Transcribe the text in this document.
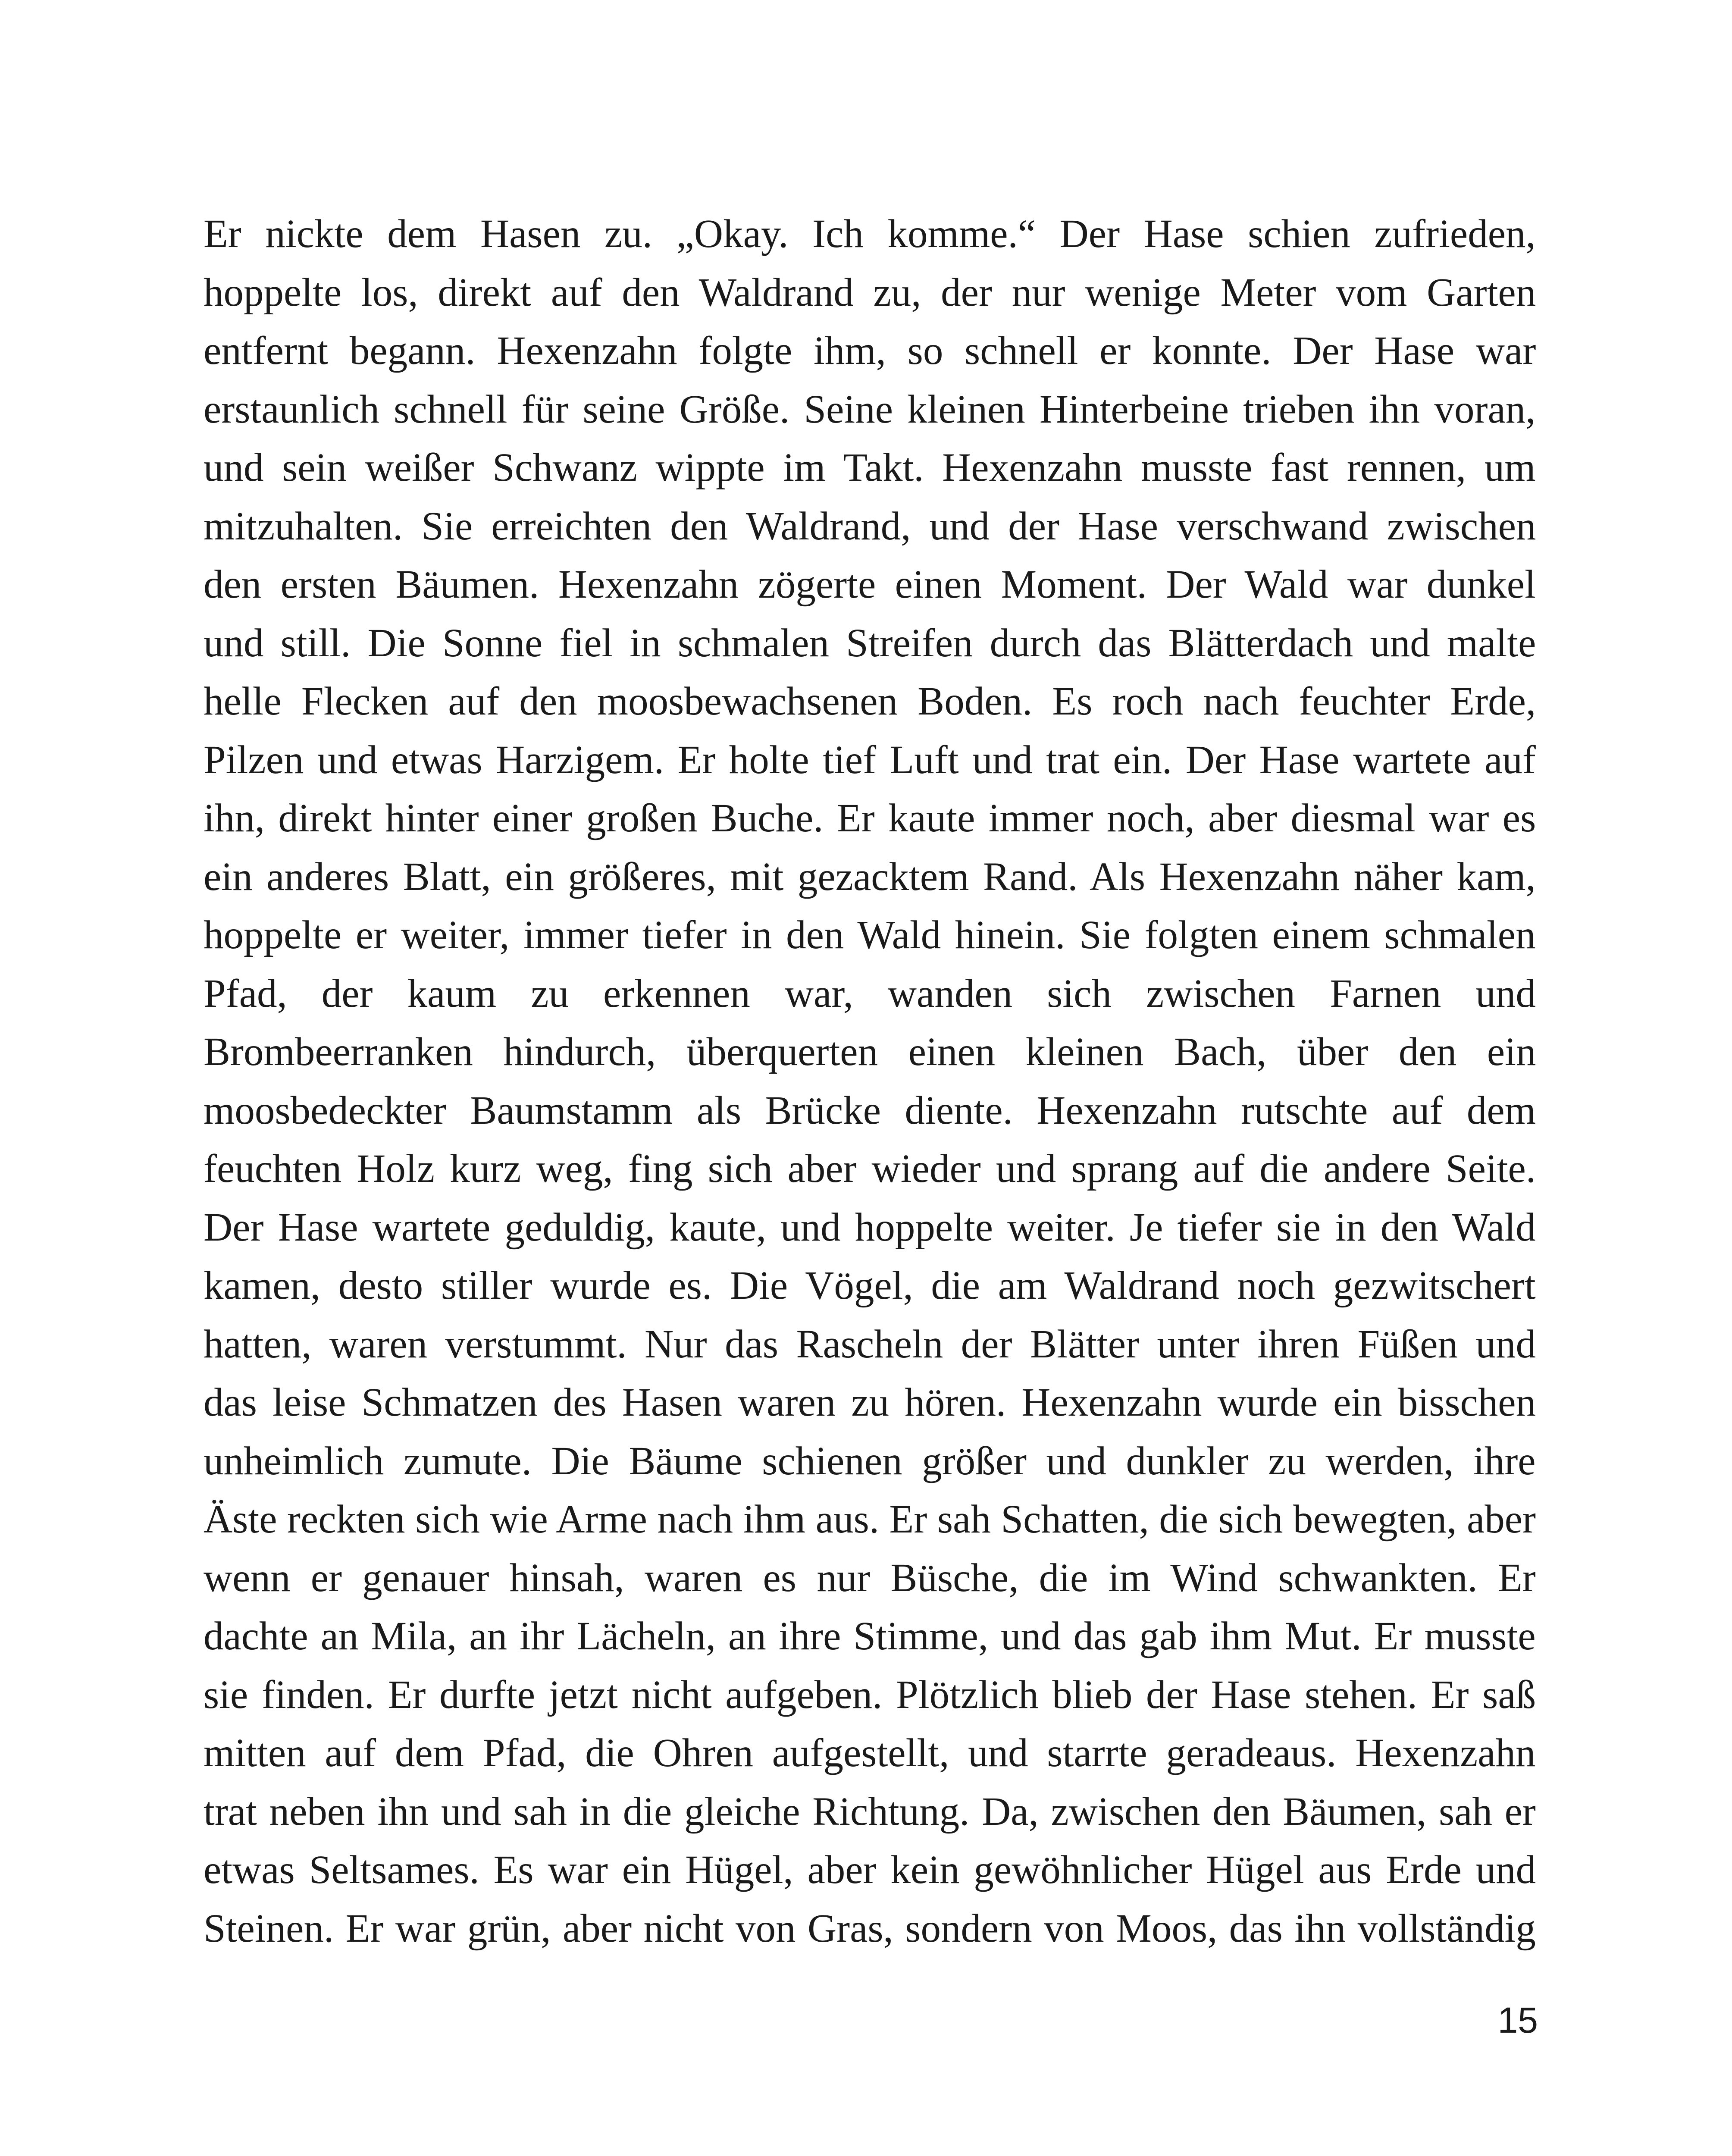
Er nickte dem Hasen zu. „Okay. Ich komme.“ Der Hase schien zufrieden,
hoppelte los, direkt auf den Waldrand zu, der nur wenige Meter vom Garten
entfernt begann. Hexenzahn folgte ihm, so schnell er konnte. Der Hase war
erstaunlich schnell für seine Größe. Seine kleinen Hinterbeine trieben ihn voran,
und sein weißer Schwanz wippte im Takt. Hexenzahn musste fast rennen, um
mitzuhalten. Sie erreichten den Waldrand, und der Hase verschwand zwischen
den ersten Bäumen. Hexenzahn zögerte einen Moment. Der Wald war dunkel
und still. Die Sonne fiel in schmalen Streifen durch das Blätterdach und malte
helle Flecken auf den moosbewachsenen Boden. Es roch nach feuchter Erde,
Pilzen und etwas Harzigem. Er holte tief Luft und trat ein. Der Hase wartete auf
ihn, direkt hinter einer großen Buche. Er kaute immer noch, aber diesmal war es
ein anderes Blatt, ein größeres, mit gezacktem Rand. Als Hexenzahn näher kam,
hoppelte er weiter, immer tiefer in den Wald hinein. Sie folgten einem schmalen
Pfad, der kaum zu erkennen war, wanden sich zwischen Farnen und
Brombeerranken hindurch, überquerten einen kleinen Bach, über den ein
moosbedeckter Baumstamm als Brücke diente. Hexenzahn rutschte auf dem
feuchten Holz kurz weg, fing sich aber wieder und sprang auf die andere Seite.
Der Hase wartete geduldig, kaute, und hoppelte weiter. Je tiefer sie in den Wald
kamen, desto stiller wurde es. Die Vögel, die am Waldrand noch gezwitschert
hatten, waren verstummt. Nur das Rascheln der Blätter unter ihren Füßen und
das leise Schmatzen des Hasen waren zu hören. Hexenzahn wurde ein bisschen
unheimlich zumute. Die Bäume schienen größer und dunkler zu werden, ihre
Äste reckten sich wie Arme nach ihm aus. Er sah Schatten, die sich bewegten, aber
wenn er genauer hinsah, waren es nur Büsche, die im Wind schwankten. Er
dachte an Mila, an ihr Lächeln, an ihre Stimme, und das gab ihm Mut. Er musste
sie finden. Er durfte jetzt nicht aufgeben. Plötzlich blieb der Hase stehen. Er saß
mitten auf dem Pfad, die Ohren aufgestellt, und starrte geradeaus. Hexenzahn
trat neben ihn und sah in die gleiche Richtung. Da, zwischen den Bäumen, sah er
etwas Seltsames. Es war ein Hügel, aber kein gewöhnlicher Hügel aus Erde und
Steinen. Er war grün, aber nicht von Gras, sondern von Moos, das ihn vollständig
15
